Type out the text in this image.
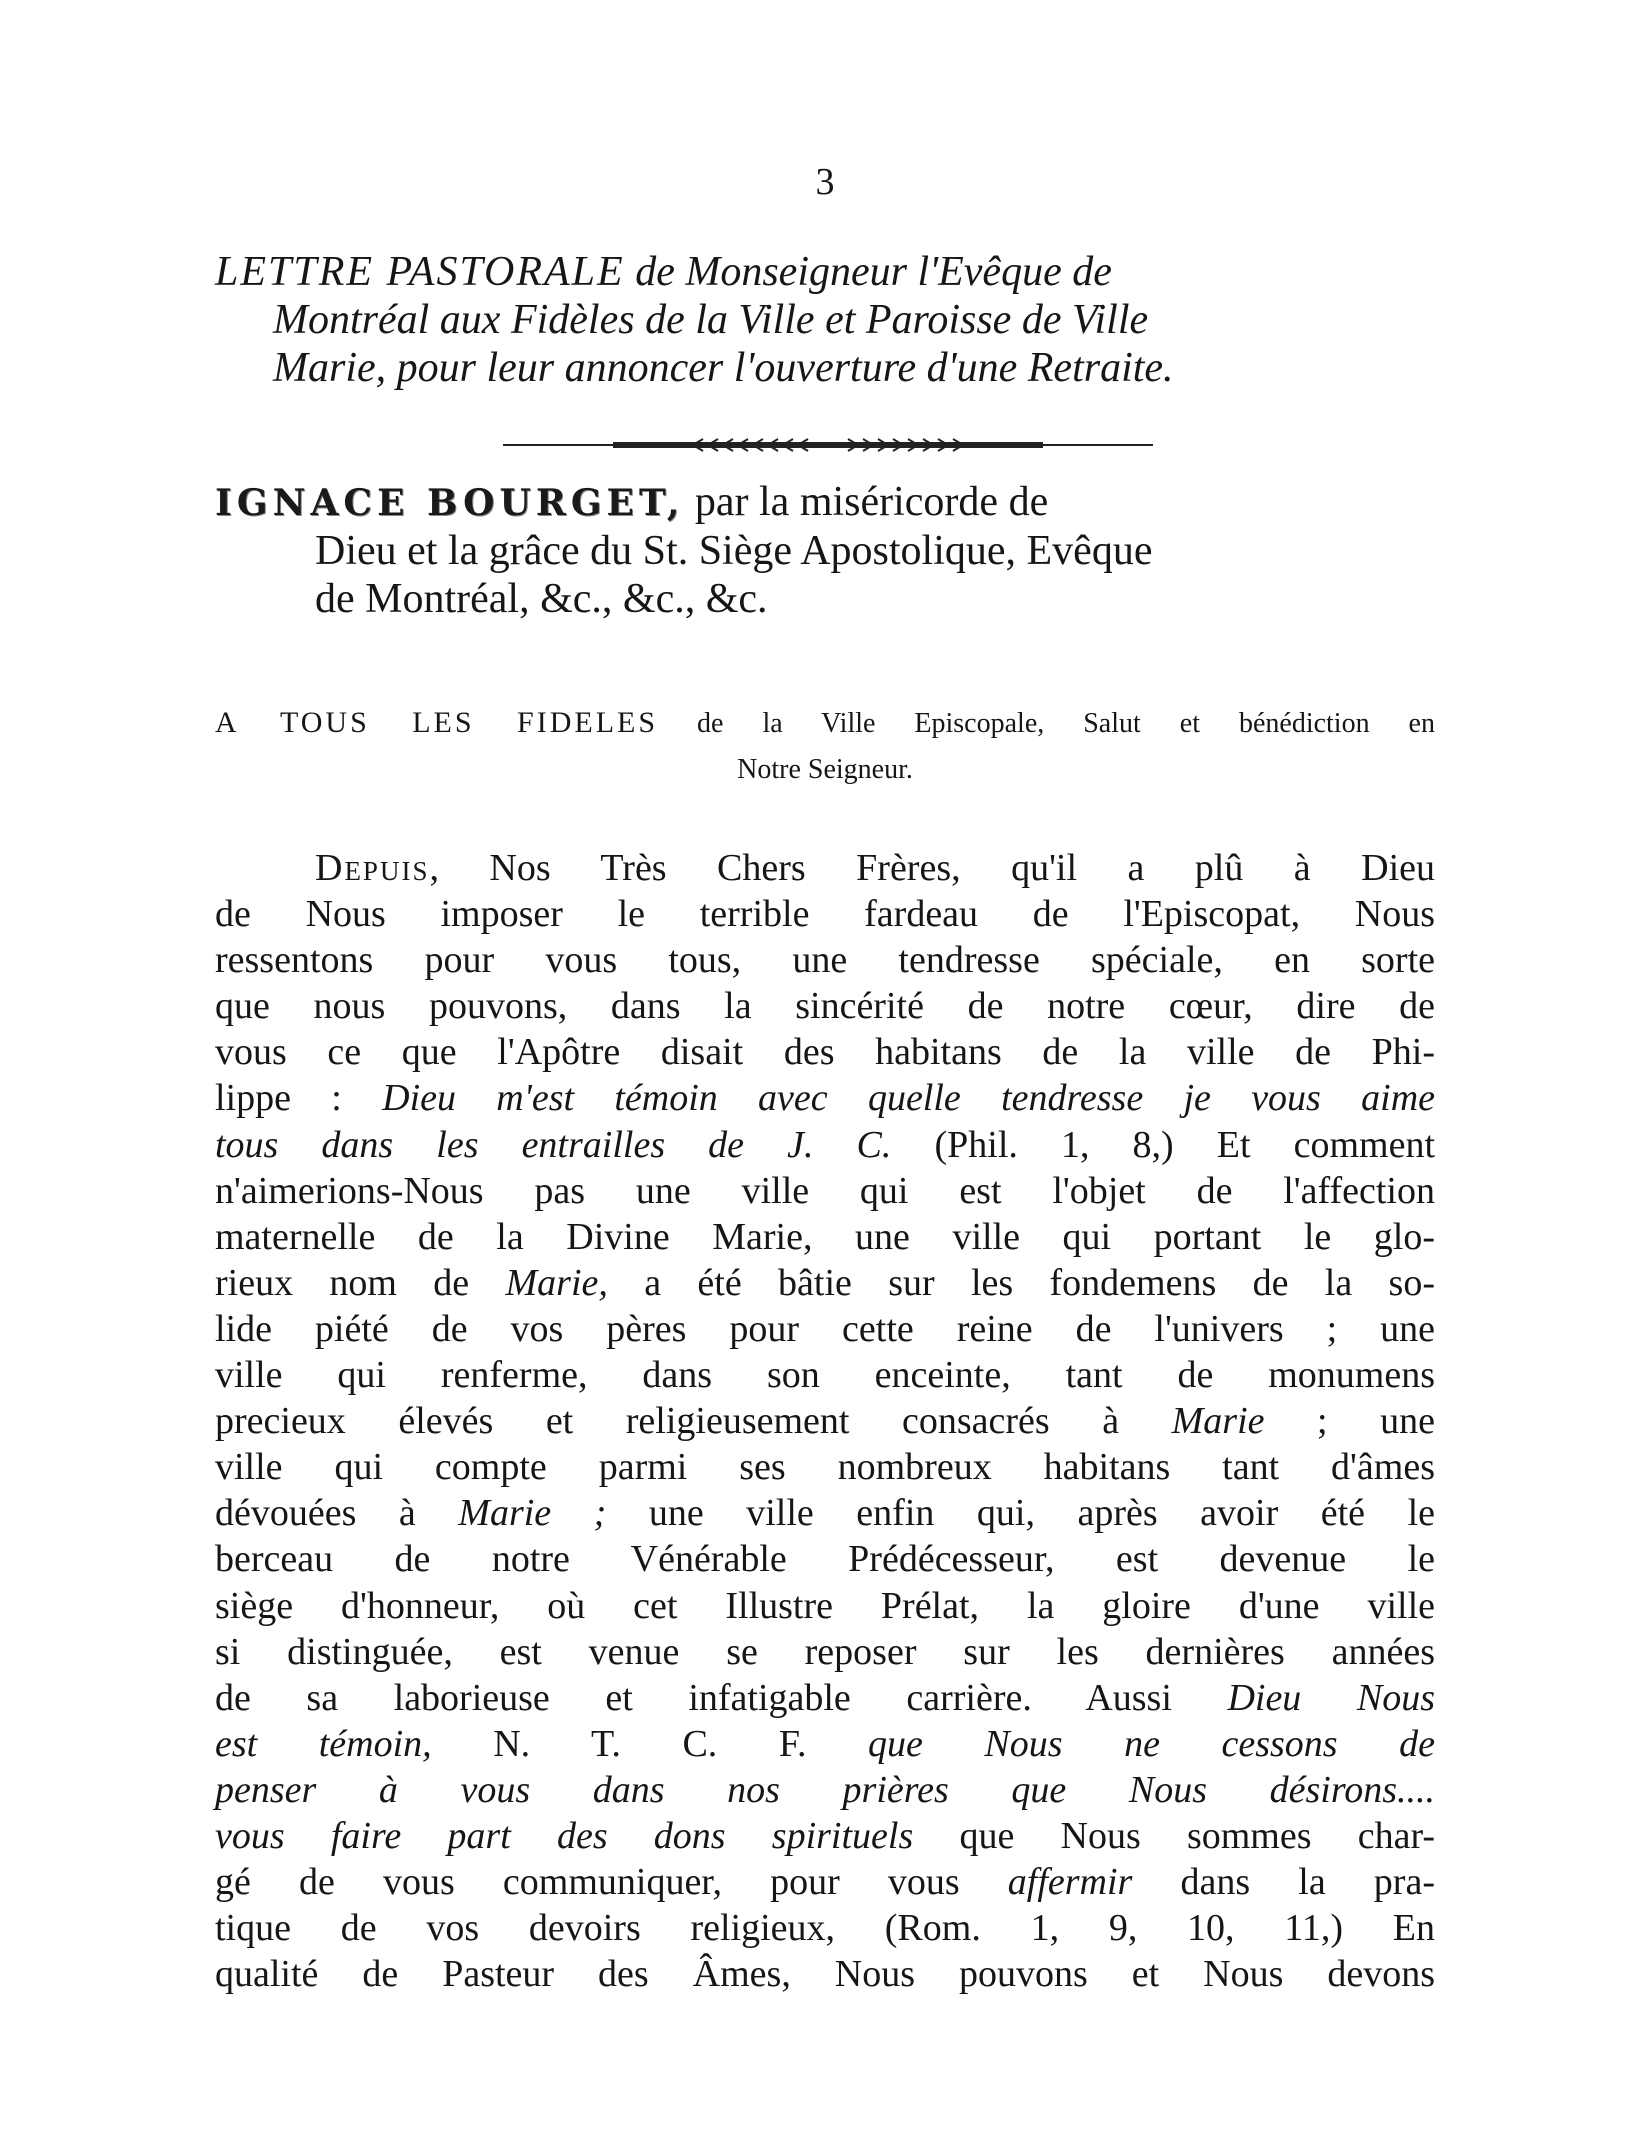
3
LETTRE PASTORALE de Monseigneur l'Evêque de
Montréal aux Fidèles de la Ville et Paroisse de Ville
Marie, pour leur annoncer l'ouverture d'une Retraite.
IGNACE BOURGET, par la miséricorde de
Dieu et la grâce du St. Siège Apostolique, Evêque
de Montréal, &c., &c., &c.
A TOUS LES FIDELES de la Ville Episcopale, Salut et bénédiction en
Notre Seigneur.
Depuis, Nos Très Chers Frères, qu'il a plû à Dieu
de Nous imposer le terrible fardeau de l'Episcopat, Nous
ressentons pour vous tous, une tendresse spéciale, en sorte
que nous pouvons, dans la sincérité de notre cœur, dire de
vous ce que l'Apôtre disait des habitans de la ville de Phi-
lippe : Dieu m'est témoin avec quelle tendresse je vous aime
tous dans les entrailles de J. C. (Phil. 1, 8,) Et comment
n'aimerions-Nous pas une ville qui est l'objet de l'affection
maternelle de la Divine Marie, une ville qui portant le glo-
rieux nom de Marie, a été bâtie sur les fondemens de la so-
lide piété de vos pères pour cette reine de l'univers ; une
ville qui renferme, dans son enceinte, tant de monumens
precieux élevés et religieusement consacrés à Marie ; une
ville qui compte parmi ses nombreux habitans tant d'âmes
dévouées à Marie ; une ville enfin qui, après avoir été le
berceau de notre Vénérable Prédécesseur, est devenue le
siège d'honneur, où cet Illustre Prélat, la gloire d'une ville
si distinguée, est venue se reposer sur les dernières années
de sa laborieuse et infatigable carrière. Aussi Dieu Nous
est témoin, N. T. C. F. que Nous ne cessons de
penser à vous dans nos prières que Nous désirons....
vous faire part des dons spirituels que Nous sommes char-
gé de vous communiquer, pour vous affermir dans la pra-
tique de vos devoirs religieux, (Rom. 1, 9, 10, 11,) En
qualité de Pasteur des Âmes, Nous pouvons et Nous devons
